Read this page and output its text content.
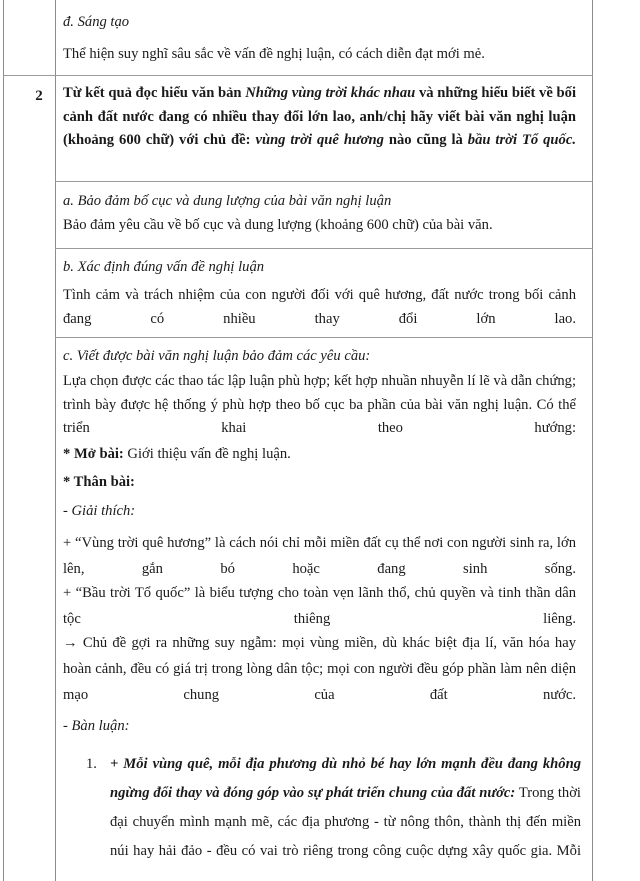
đ. Sáng tạo
Thể hiện suy nghĩ sâu sắc về vấn đề nghị luận, có cách diễn đạt mới mẻ.
2	Từ kết quả đọc hiểu văn bản Những vùng trời khác nhau và những hiểu biết về bối cảnh đất nước đang có nhiều thay đổi lớn lao, anh/chị hãy viết bài văn nghị luận (khoảng 600 chữ) với chủ đề: vùng trời quê hương nào cũng là bầu trời Tổ quốc.
a. Bảo đảm bố cục và dung lượng của bài văn nghị luận
Bảo đảm yêu cầu về bố cục và dung lượng (khoảng 600 chữ) của bài văn.
b. Xác định đúng vấn đề nghị luận
Tình cảm và trách nhiệm của con người đối với quê hương, đất nước trong bối cảnh đang có nhiều thay đổi lớn lao.
c. Viết được bài văn nghị luận bảo đảm các yêu cầu:
Lựa chọn được các thao tác lập luận phù hợp; kết hợp nhuần nhuyễn lí lẽ và dẫn chứng; trình bày được hệ thống ý phù hợp theo bố cục ba phần của bài văn nghị luận. Có thể triển khai theo hướng:
* Mở bài: Giới thiệu vấn đề nghị luận.
* Thân bài:
- Giải thích:
+ “Vùng trời quê hương” là cách nói chỉ mỗi miền đất cụ thể nơi con người sinh ra, lớn lên, gắn bó hoặc đang sinh sống.
+ “Bầu trời Tổ quốc” là biểu tượng cho toàn vẹn lãnh thổ, chủ quyền và tinh thần dân tộc thiêng liêng.
→ Chủ đề gợi ra những suy ngẫm: mọi vùng miền, dù khác biệt địa lí, văn hóa hay hoàn cảnh, đều có giá trị trong lòng dân tộc; mọi con người đều góp phần làm nên diện mạo chung của đất nước.
- Bàn luận:
1. + Mỗi vùng quê, mỗi địa phương dù nhỏ bé hay lớn mạnh đều đang không ngừng đổi thay và đóng góp vào sự phát triển chung của đất nước: Trong thời đại chuyển mình mạnh mẽ, các địa phương - từ nông thôn, thành thị đến miền núi hay hải đảo - đều có vai trò riêng trong công cuộc dựng xây quốc gia. Mỗi
